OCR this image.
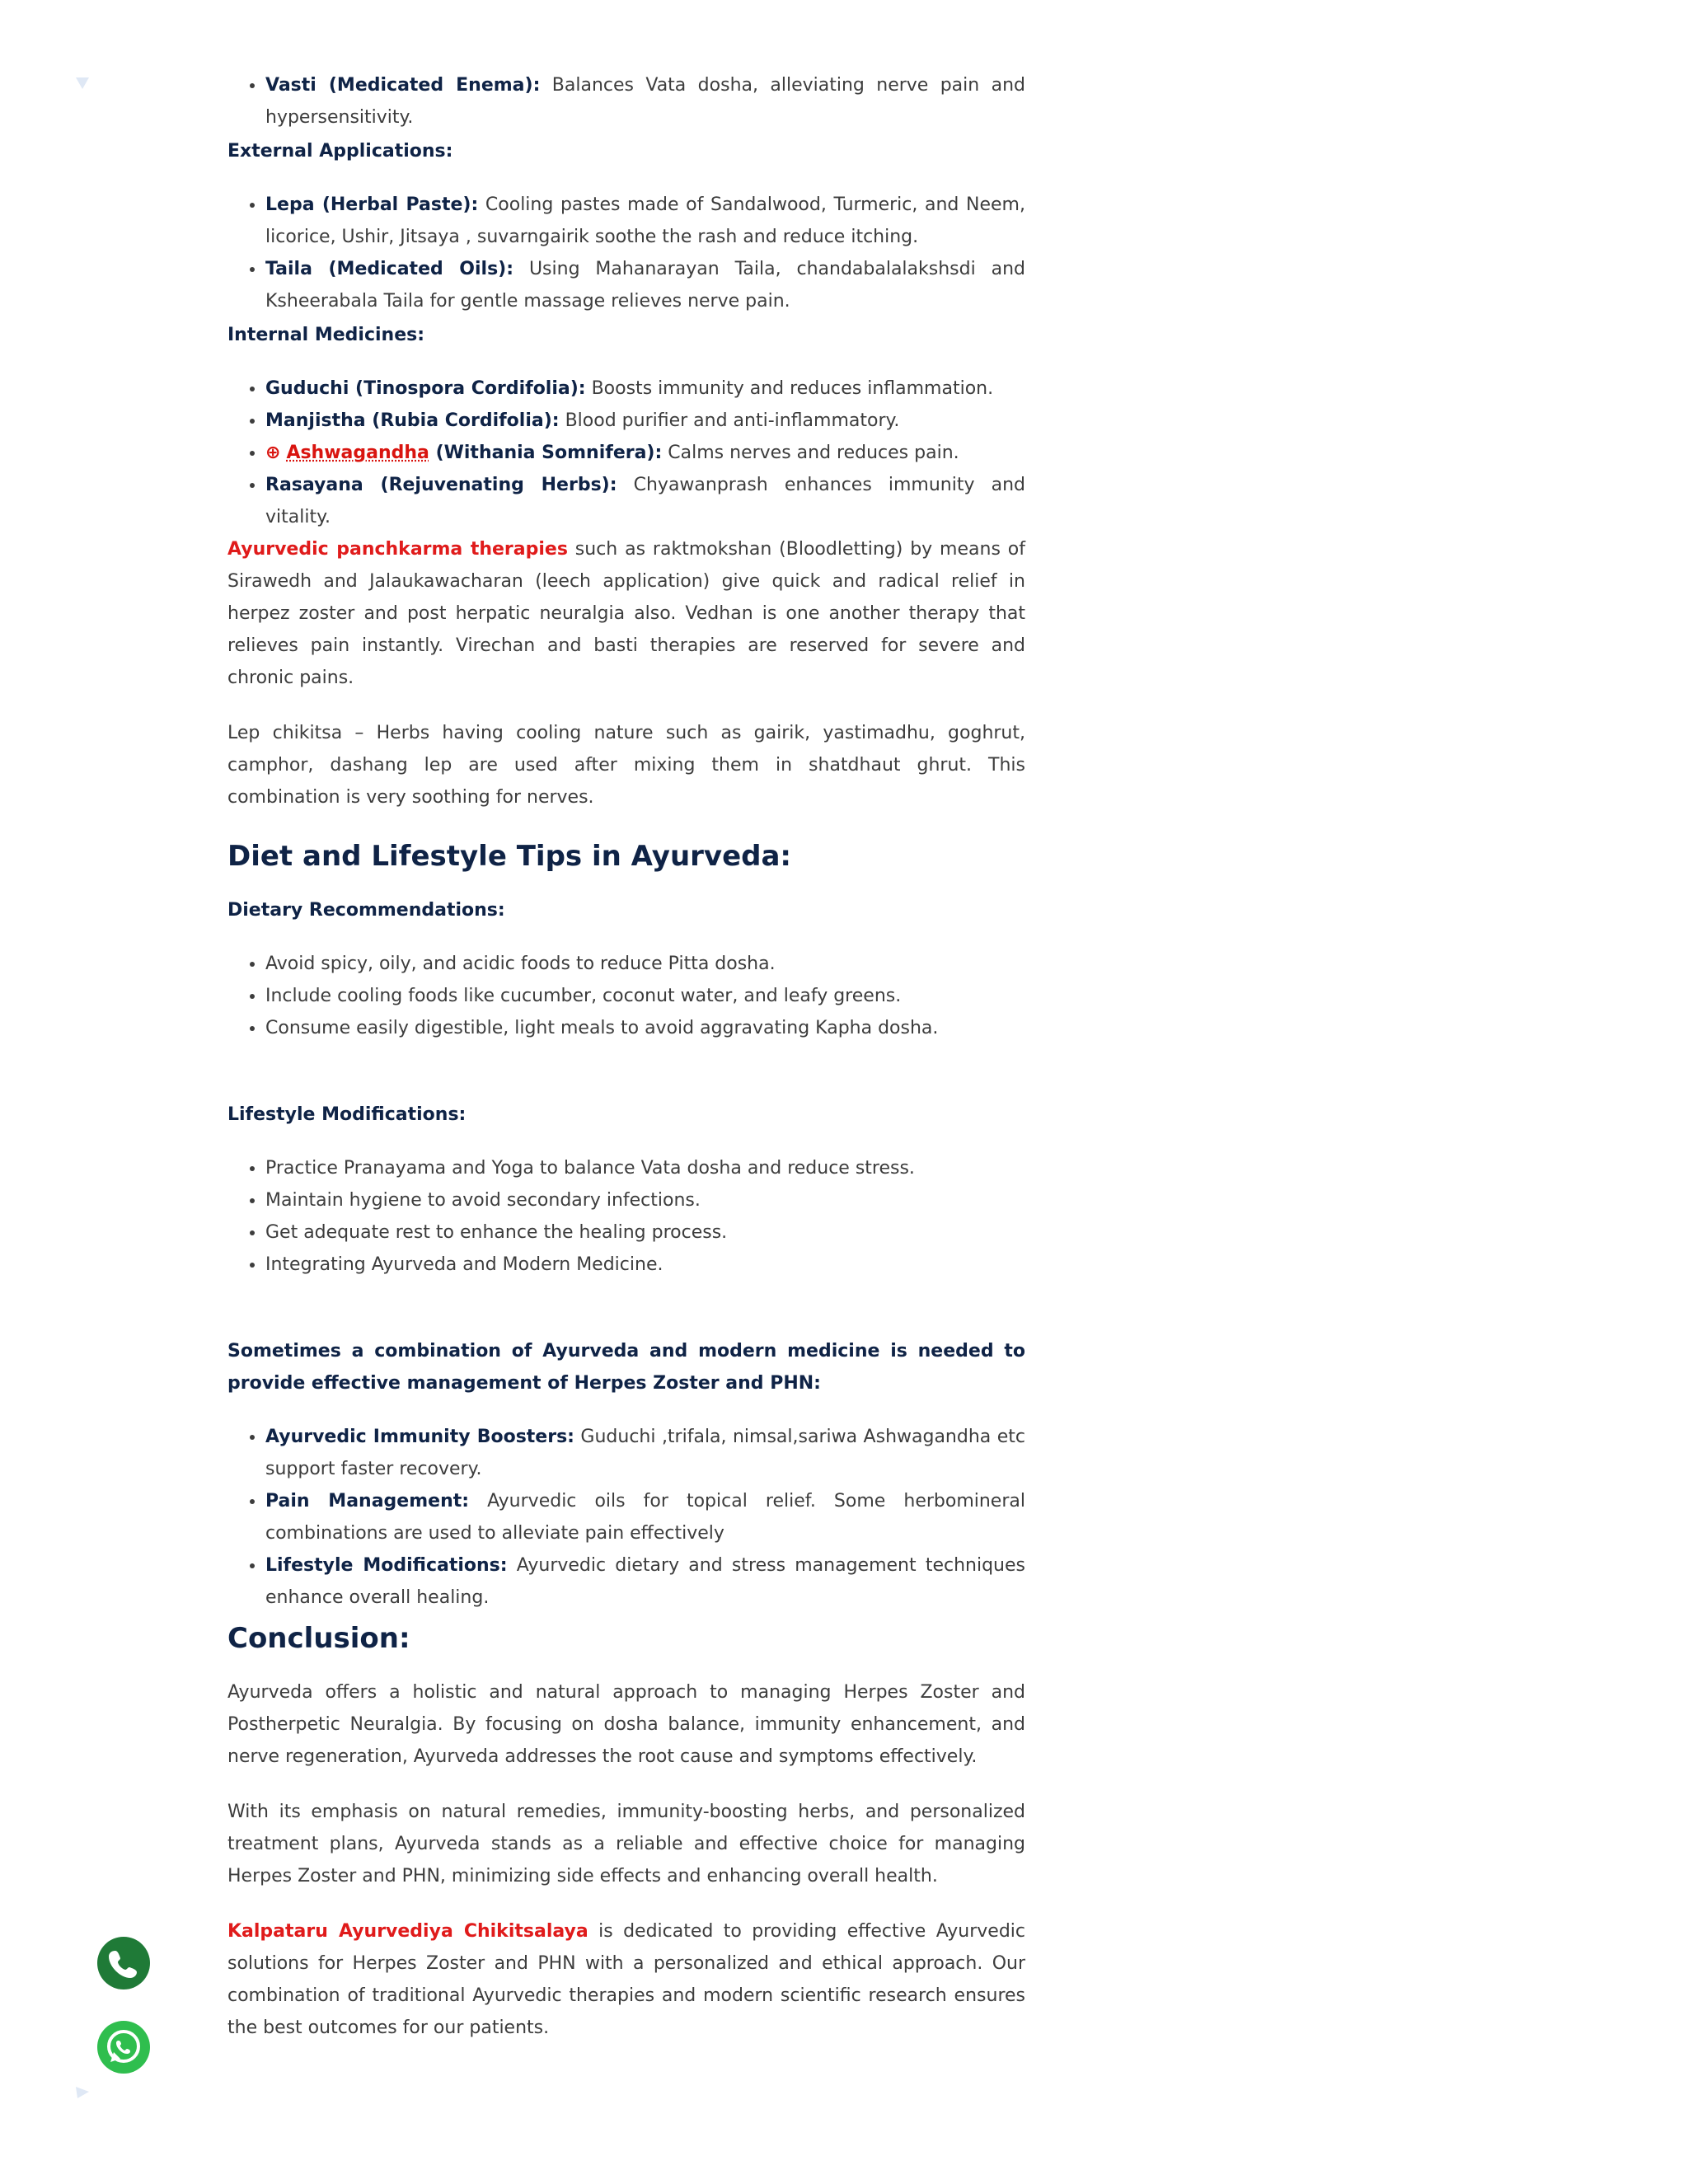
• Vasti (Medicated Enema): Balances Vata dosha, alleviating nerve pain and hypersensitivity.
External Applications:
• Lepa (Herbal Paste): Cooling pastes made of Sandalwood, Turmeric, and Neem, licorice, Ushir, Jitsaya , suvarngairik soothe the rash and reduce itching.
• Taila (Medicated Oils): Using Mahanarayan Taila, chandabalalakshsdi and Ksheerabala Taila for gentle massage relieves nerve pain.
Internal Medicines:
• Guduchi (Tinospora Cordifolia): Boosts immunity and reduces inflammation.
• Manjistha (Rubia Cordifolia): Blood purifier and anti-inflammatory.
• ⊕ Ashwagandha (Withania Somnifera): Calms nerves and reduces pain.
• Rasayana (Rejuvenating Herbs): Chyawanprash enhances immunity and vitality.

Ayurvedic panchkarma therapies such as raktmokshan (Bloodletting) by means of Sirawedh and Jalaukawacharan (leech application) give quick and radical relief in herpez zoster and post herpatic neuralgia also. Vedhan is one another therapy that relieves pain instantly. Virechan and basti therapies are reserved for severe and chronic pains.

Lep chikitsa – Herbs having cooling nature such as gairik, yastimadhu, goghrut, camphor, dashang lep are used after mixing them in shatdhaut ghrut. This combination is very soothing for nerves.

Diet and Lifestyle Tips in Ayurveda:
Dietary Recommendations:
• Avoid spicy, oily, and acidic foods to reduce Pitta dosha.
• Include cooling foods like cucumber, coconut water, and leafy greens.
• Consume easily digestible, light meals to avoid aggravating Kapha dosha.
Lifestyle Modifications:
• Practice Pranayama and Yoga to balance Vata dosha and reduce stress.
• Maintain hygiene to avoid secondary infections.
• Get adequate rest to enhance the healing process.
• Integrating Ayurveda and Modern Medicine.

Sometimes a combination of Ayurveda and modern medicine is needed to provide effective management of Herpes Zoster and PHN:

• Ayurvedic Immunity Boosters: Guduchi ,trifala, nimsal,sariwa Ashwagandha etc support faster recovery.
• Pain Management: Ayurvedic oils for topical relief. Some herbomineral combinations are used to alleviate pain effectively
• Lifestyle Modifications: Ayurvedic dietary and stress management techniques enhance overall healing.
Conclusion:

Ayurveda offers a holistic and natural approach to managing Herpes Zoster and Postherpetic Neuralgia. By focusing on dosha balance, immunity enhancement, and nerve regeneration, Ayurveda addresses the root cause and symptoms effectively.

With its emphasis on natural remedies, immunity-boosting herbs, and personalized treatment plans, Ayurveda stands as a reliable and effective choice for managing Herpes Zoster and PHN, minimizing side effects and enhancing overall health.

Kalpataru Ayurvediya Chikitsalaya is dedicated to providing effective Ayurvedic solutions for Herpes Zoster and PHN with a personalized and ethical approach. Our combination of traditional Ayurvedic therapies and modern scientific research ensures the best outcomes for our patients.
